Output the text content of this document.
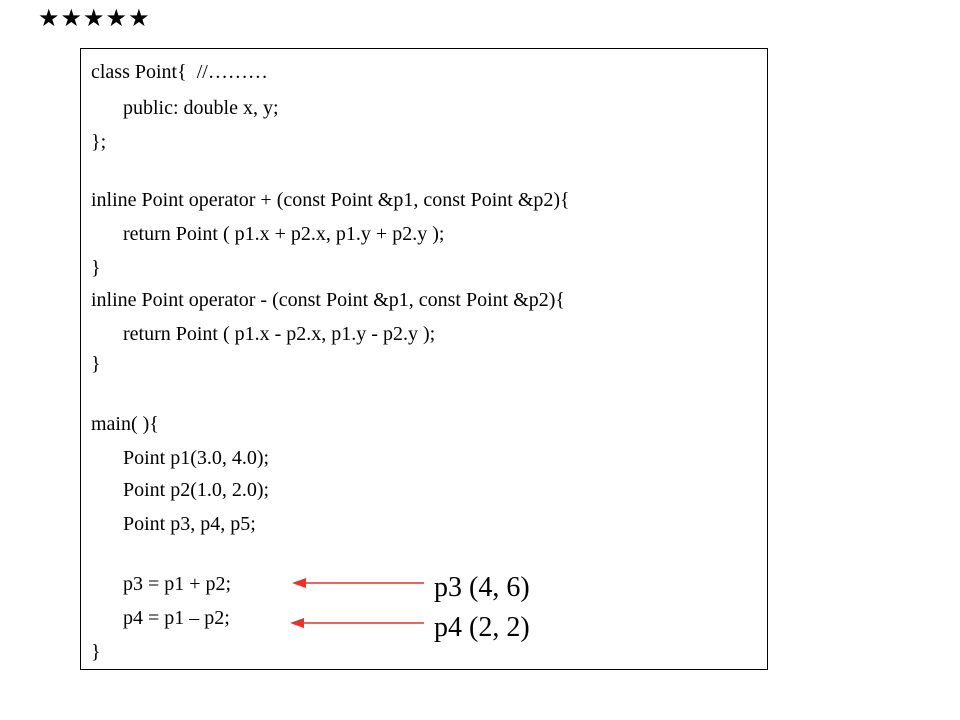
★★★★★
class Point{  //………
public: double x, y;
};
inline Point operator + (const Point &p1, const Point &p2){
return Point ( p1.x + p2.x, p1.y + p2.y );
}
inline Point operator - (const Point &p1, const Point &p2){
return Point ( p1.x - p2.x, p1.y - p2.y );
}
main( ){
Point p1(3.0, 4.0);
Point p2(1.0, 2.0);
Point p3, p4, p5;
p3 = p1 + p2;
p4 = p1 – p2;
}
p3 (4, 6)
p4 (2, 2)
